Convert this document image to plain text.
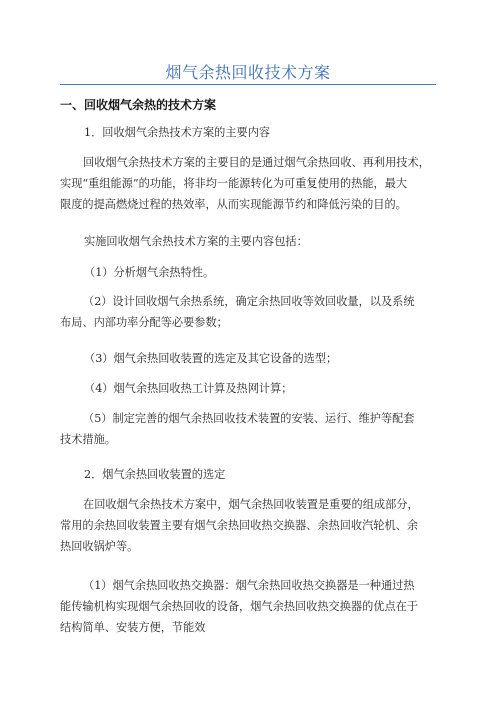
烟气余热回收技术方案
一、回收烟气余热的技术方案
1．回收烟气余热技术方案的主要内容
回收烟气余热技术方案的主要目的是通过烟气余热回收、再利用技术，
实现“重组能源”的功能，将非均一能源转化为可重复使用的热能，最大
限度的提高燃烧过程的热效率，从而实现能源节约和降低污染的目的。
实施回收烟气余热技术方案的主要内容包括：
（1）分析烟气余热特性。
（2）设计回收烟气余热系统，确定余热回收等效回收量，以及系统
布局、内部功率分配等必要参数；
（3）烟气余热回收装置的选定及其它设备的选型；
（4）烟气余热回收热工计算及热网计算；
（5）制定完善的烟气余热回收技术装置的安装、运行、维护等配套
技术措施。
2．烟气余热回收装置的选定
在回收烟气余热技术方案中，烟气余热回收装置是重要的组成部分，
常用的余热回收装置主要有烟气余热回收热交换器、余热回收汽轮机、余
热回收锅炉等。
（1）烟气余热回收热交换器：烟气余热回收热交换器是一种通过热
能传输机构实现烟气余热回收的设备，烟气余热回收热交换器的优点在于
结构简单、安装方便，节能效
